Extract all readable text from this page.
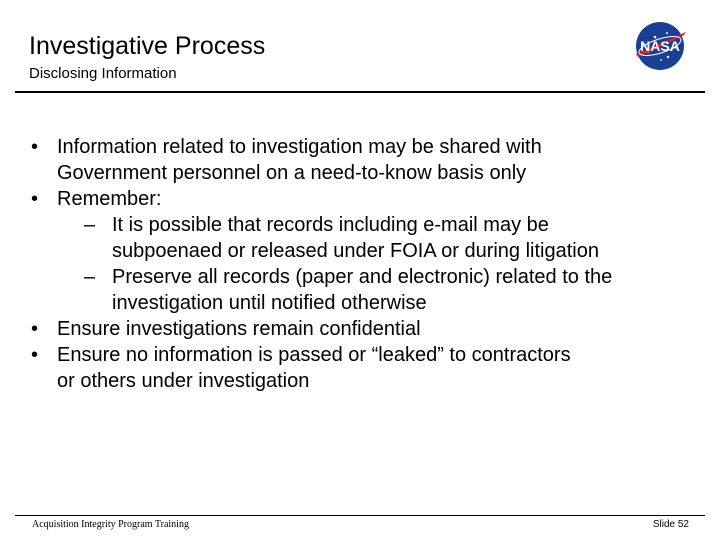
Investigative Process
Disclosing Information
NASA
• Information related to investigation may be shared with
Government personnel on a need-to-know basis only
• Remember:
– It is possible that records including e-mail may be
subpoenaed or released under FOIA or during litigation
– Preserve all records (paper and electronic) related to the
investigation until notified otherwise
• Ensure investigations remain confidential
• Ensure no information is passed or “leaked” to contractors
or others under investigation
Acquisition Integrity Program Training	Slide 52
